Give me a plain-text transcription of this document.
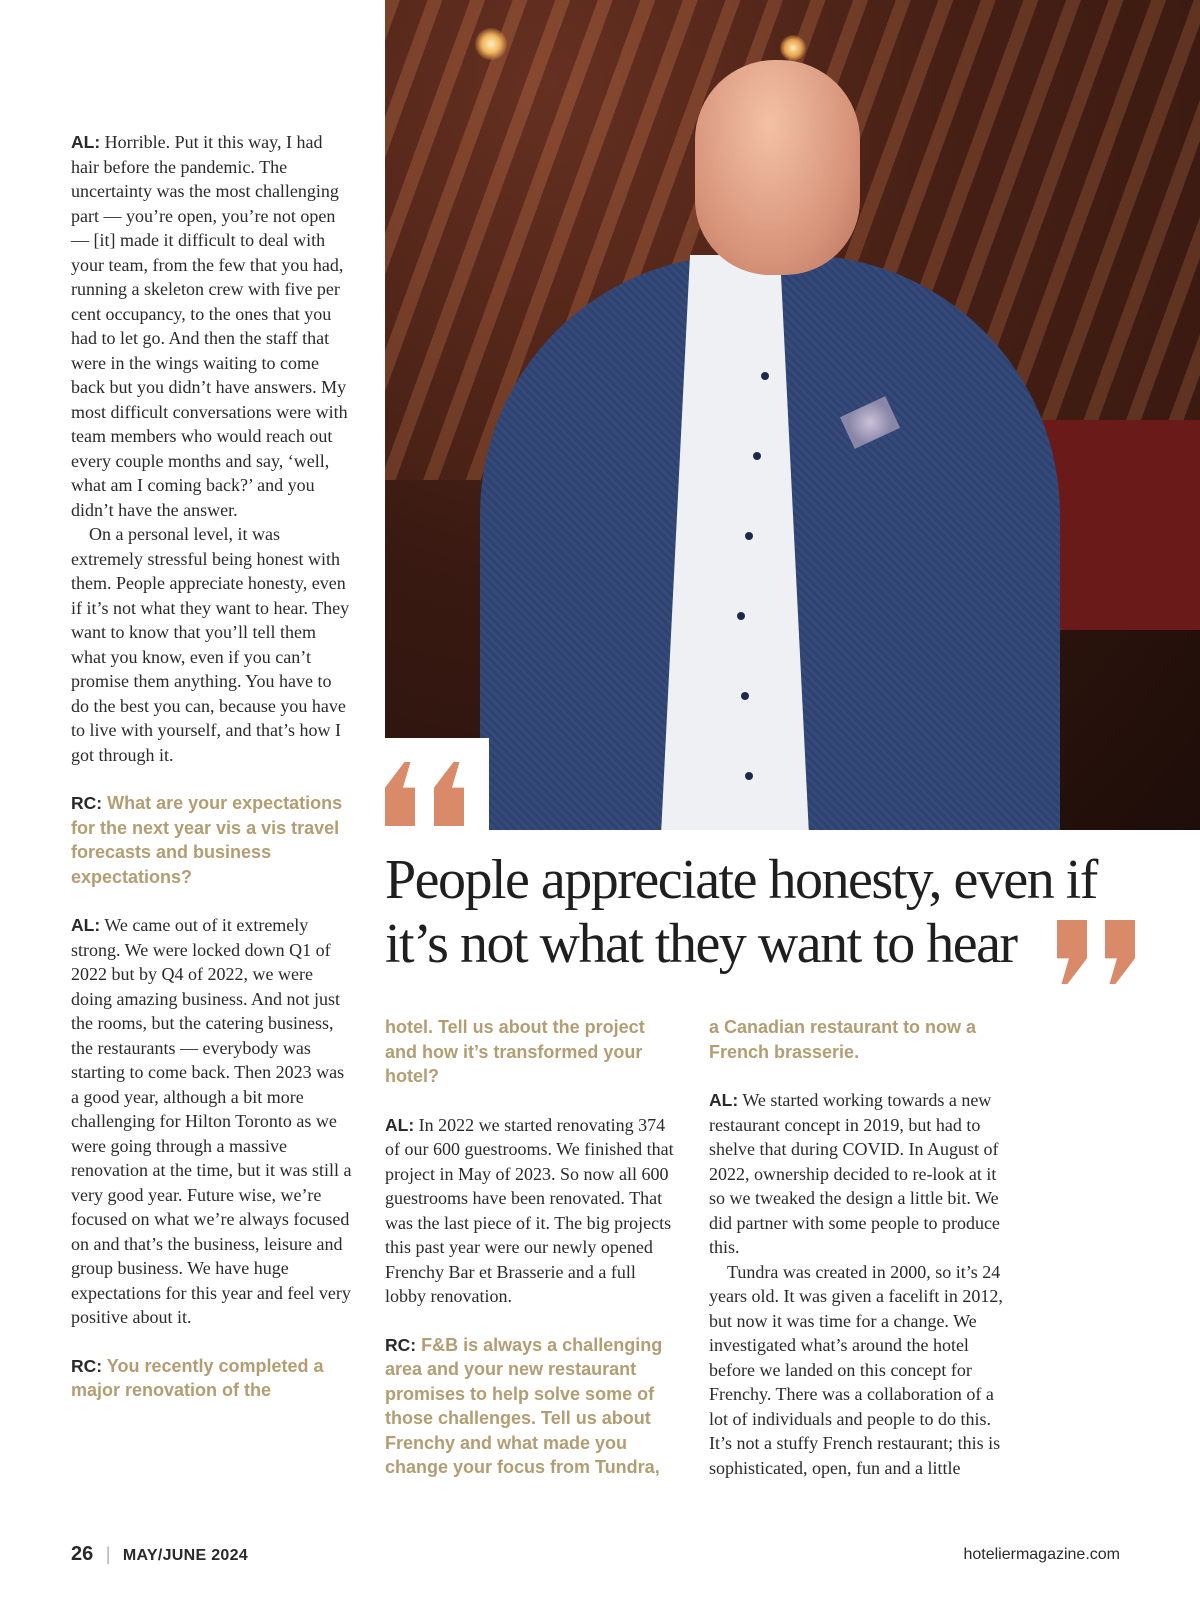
AL: Horrible. Put it this way, I had hair before the pandemic. The uncertainty was the most challenging part — you’re open, you’re not open — [it] made it difficult to deal with your team, from the few that you had, running a skeleton crew with five per cent occupancy, to the ones that you had to let go. And then the staff that were in the wings waiting to come back but you didn’t have answers. My most difficult conversations were with team members who would reach out every couple months and say, ‘well, what am I coming back?’ and you didn’t have the answer.

On a personal level, it was extremely stressful being honest with them. People appreciate honesty, even if it’s not what they want to hear. They want to know that you’ll tell them what you know, even if you can’t promise them anything. You have to do the best you can, because you have to live with yourself, and that’s how I got through it.

RC: What are your expectations for the next year vis a vis travel forecasts and business expectations?

AL: We came out of it extremely strong. We were locked down Q1 of 2022 but by Q4 of 2022, we were doing amazing business. And not just the rooms, but the catering business, the restaurants — everybody was starting to come back. Then 2023 was a good year, although a bit more challenging for Hilton Toronto as we were going through a massive renovation at the time, but it was still a very good year. Future wise, we’re focused on what we’re always focused on and that’s the business, leisure and group business. We have huge expectations for this year and feel very positive about it.

RC: You recently completed a major renovation of the

People appreciate honesty, even if it’s not what they want to hear

hotel. Tell us about the project and how it’s transformed your hotel?

AL: In 2022 we started renovating 374 of our 600 guestrooms. We finished that project in May of 2023. So now all 600 guestrooms have been renovated. That was the last piece of it. The big projects this past year were our newly opened Frenchy Bar et Brasserie and a full lobby renovation.

RC: F&B is always a challenging area and your new restaurant promises to help solve some of those challenges. Tell us about Frenchy and what made you change your focus from Tundra,

a Canadian restaurant to now a French brasserie.

AL: We started working towards a new restaurant concept in 2019, but had to shelve that during COVID. In August of 2022, ownership decided to re-look at it so we tweaked the design a little bit. We did partner with some people to produce this.

Tundra was created in 2000, so it’s 24 years old. It was given a facelift in 2012, but now it was time for a change. We investigated what’s around the hotel before we landed on this concept for Frenchy. There was a collaboration of a lot of individuals and people to do this. It’s not a stuffy French restaurant; this is sophisticated, open, fun and a little

26 | MAY/JUNE 2024	hoteliermagazine.com
